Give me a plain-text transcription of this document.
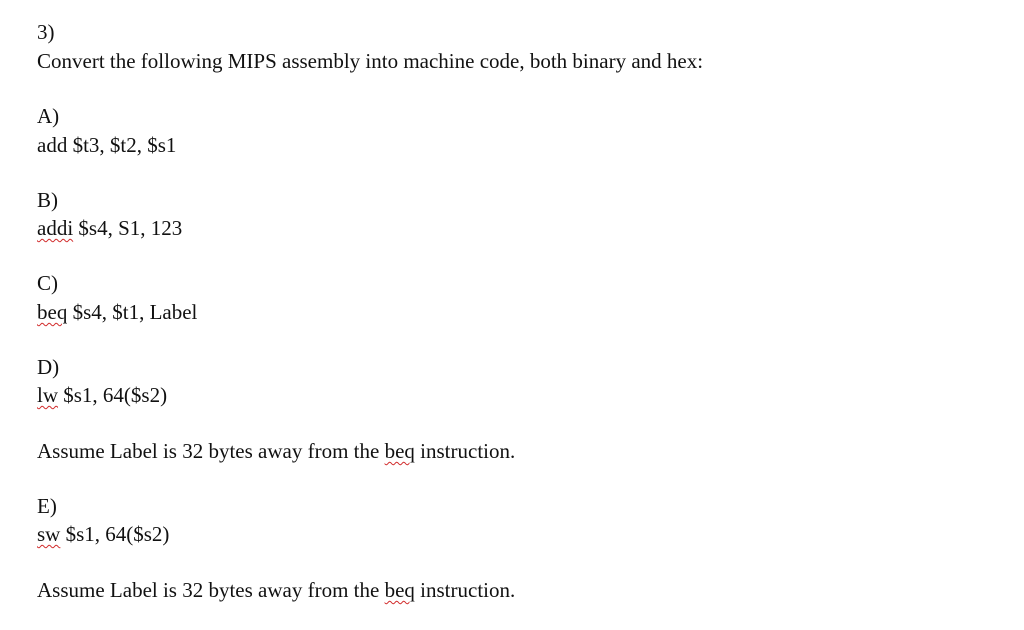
3)
Convert the following MIPS assembly into machine code, both binary and hex:
A)
add $t3, $t2, $s1
B)
addi $s4, S1, 123
C)
beq $s4, $t1, Label
D)
lw $s1, 64($s2)
Assume Label is 32 bytes away from the beq instruction.
E)
sw $s1, 64($s2)
Assume Label is 32 bytes away from the beq instruction.
